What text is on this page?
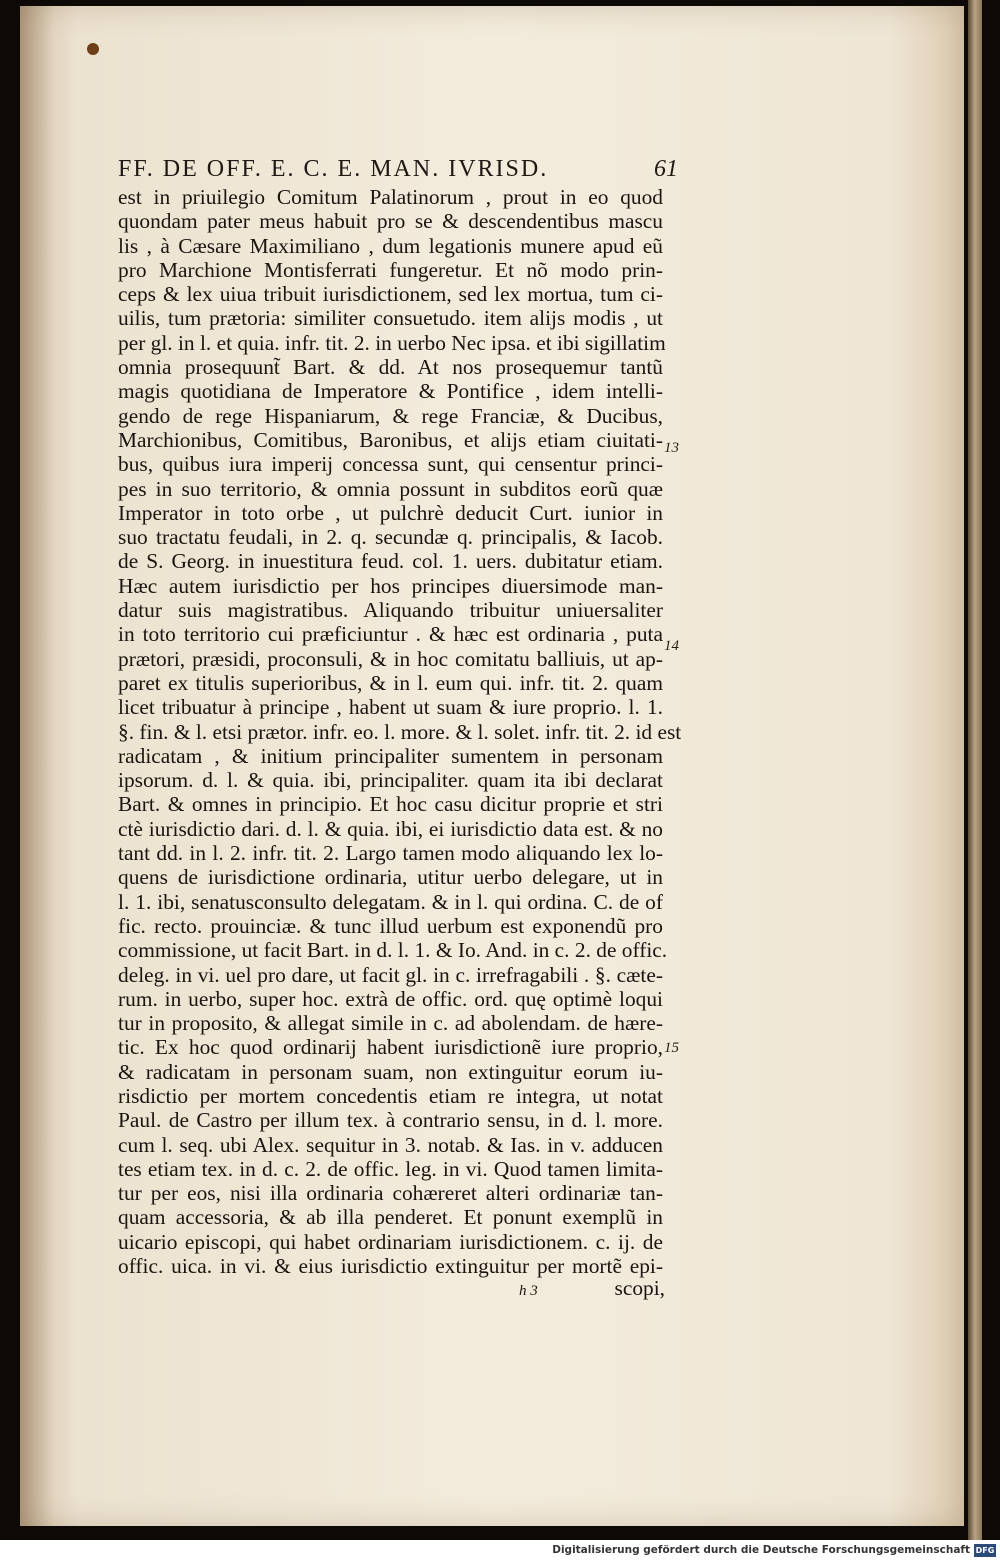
FF. DE OFF. E. C. E. MAN. IVRISD.	61
est in priuilegio Comitum Palatinorum , prout in eo quod
quondam pater meus habuit pro se & descendentibus mascu
lis , à Cæsare Maximiliano , dum legationis munere apud eũ
pro Marchione Montisferrati fungeretur. Et nõ modo prin-
ceps & lex uiua tribuit iurisdictionem, sed lex mortua, tum ci-
uilis, tum prætoria: similiter consuetudo. item alijs modis , ut
per gl. in l. et quia. infr. tit. 2. in uerbo Nec ipsa. et ibi sigillatim
omnia prosequunt̃ Bart. & dd. At nos prosequemur tantũ
magis quotidiana de Imperatore & Pontifice , idem intelli-
gendo de rege Hispaniarum, & rege Franciæ, & Ducibus,
Marchionibus, Comitibus, Baronibus, et alijs etiam ciuitati-
bus, quibus iura imperij concessa sunt, qui censentur princi-
pes in suo territorio, & omnia possunt in subditos eorũ quæ
Imperator in toto orbe , ut pulchrè deducit Curt. iunior in
suo tractatu feudali, in 2. q. secundæ q. principalis, & Iacob.
de S. Georg. in inuestitura feud. col. 1. uers. dubitatur etiam.
Hæc autem iurisdictio per hos principes diuersimode man-
datur suis magistratibus. Aliquando tribuitur uniuersaliter
in toto territorio cui præficiuntur . & hæc est ordinaria , puta
prætori, præsidi, proconsuli, & in hoc comitatu balliuis, ut ap-
paret ex titulis superioribus, & in l. eum qui. infr. tit. 2. quam
licet tribuatur à principe , habent ut suam & iure proprio. l. 1.
§. fin. & l. etsi prætor. infr. eo. l. more. & l. solet. infr. tit. 2. id est
radicatam , & initium principaliter sumentem in personam
ipsorum. d. l. & quia. ibi, principaliter. quam ita ibi declarat
Bart. & omnes in principio. Et hoc casu dicitur proprie et stri
ctè iurisdictio dari. d. l. & quia. ibi, ei iurisdictio data est. & no
tant dd. in l. 2. infr. tit. 2. Largo tamen modo aliquando lex lo-
quens de iurisdictione ordinaria, utitur uerbo delegare, ut in
l. 1. ibi, senatusconsulto delegatam. & in l. qui ordina. C. de of
fic. recto. prouinciæ. & tunc illud uerbum est exponendũ pro
commissione, ut facit Bart. in d. l. 1. & Io. And. in c. 2. de offic.
deleg. in vi. uel pro dare, ut facit gl. in c. irrefragabili . §. cæte-
rum. in uerbo, super hoc. extrà de offic. ord. quę optimè loqui
tur in proposito, & allegat simile in c. ad abolendam. de hære-
tic. Ex hoc quod ordinarij habent iurisdictionẽ iure proprio,
& radicatam in personam suam, non extinguitur eorum iu-
risdictio per mortem concedentis etiam re integra, ut notat
Paul. de Castro per illum tex. à contrario sensu, in d. l. more.
cum l. seq. ubi Alex. sequitur in 3. notab. & Ias. in v. adducen
tes etiam tex. in d. c. 2. de offic. leg. in vi. Quod tamen limita-
tur per eos, nisi illa ordinaria cohæreret alteri ordinariæ tan-
quam accessoria, & ab illa penderet. Et ponunt exemplũ in
uicario episcopi, qui habet ordinariam iurisdictionem. c. ij. de
offic. uica. in vi. & eius iurisdictio extinguitur per mortẽ epi-
13
14
15
h 3	scopi,
Digitalisierung gefördert durch die Deutsche Forschungsgemeinschaft DFG
